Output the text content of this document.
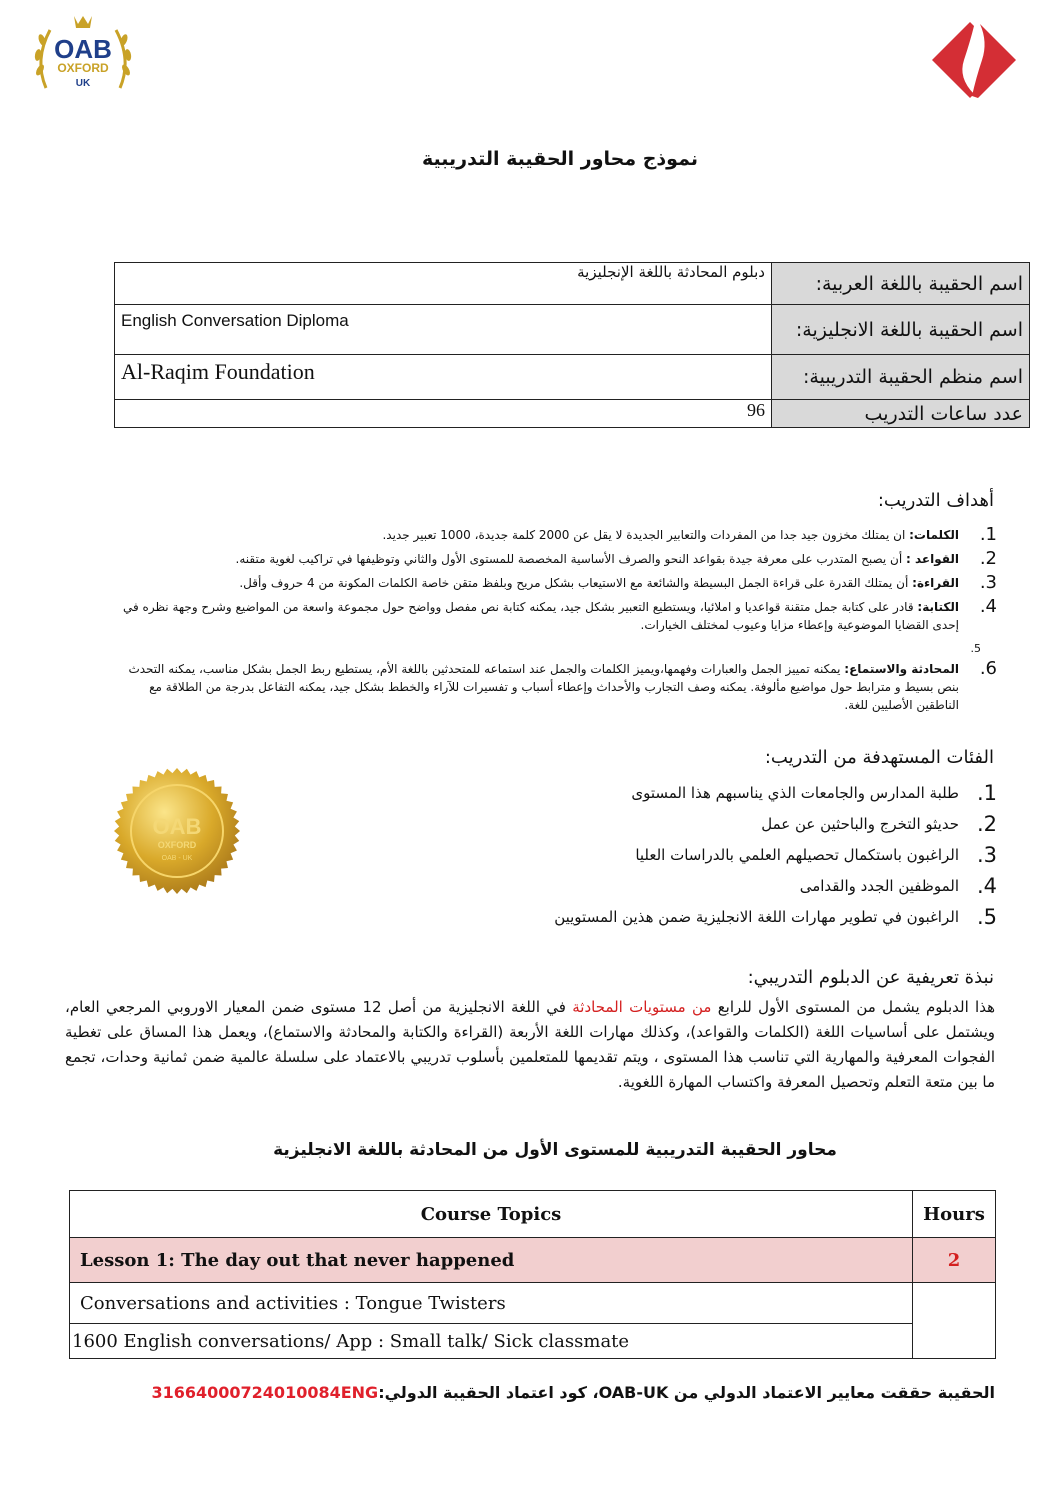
OAB
OXFORD
UK
نموذج محاور الحقيبة التدريبية
دبلوم المحادثة باللغة الإنجليزية	اسم الحقيبة باللغة العربية:
English Conversation Diploma	اسم الحقيبة باللغة الانجليزية:
Al-Raqim Foundation	اسم منظم الحقيبة التدريبية:
96	عدد ساعات التدريب
أهداف التدريب:
1.
الكلمات: ان يمتلك مخزون جيد جدا من المفردات والتعابير الجديدة لا يقل عن 2000 كلمة جديدة، 1000 تعبير جديد.
2.
القواعد : أن يصبح المتدرب على معرفة جيدة بقواعد النحو والصرف الأساسية المخصصة للمستوى الأول والثاني وتوظيفها في تراكيب لغوية متقنه.
3.
القراءة: أن يمتلك القدرة على قراءة الجمل البسيطة والشائعة مع الاستيعاب بشكل مريح وبلفظ متقن خاصة الكلمات المكونة من 4 حروف وأقل.
4.
الكتابة: قادر على كتابة جمل متقنة قواعديا و املائيا، ويستطيع التعبير بشكل جيد، يمكنه كتابة نص مفصل وواضح حول مجموعة واسعة من المواضيع وشرح وجهة نظره في إحدى القضايا الموضوعية وإعطاء مزايا وعيوب لمختلف الخيارات.
5.
6.
المحادثة والاستماع: يمكنه تمييز الجمل والعبارات وفهمها،ويميز الكلمات والجمل عند استماعه للمتحدثين باللغة الأم، يستطيع ربط الجمل بشكل مناسب، يمكنه التحدث بنص بسيط و مترابط حول مواضيع مألوفة. يمكنه وصف التجارب والأحداث وإعطاء أسباب و تفسيرات للآراء والخطط بشكل جيد، يمكنه التفاعل بدرجة من الطلاقة مع الناطقين الأصليين للغة.
الفئات المستهدفة من التدريب:
1.
طلبة المدارس والجامعات الذي يناسبهم هذا المستوى
2.
حديثو التخرج والباحثين عن عمل
3.
الراغبون باستكمال تحصيلهم العلمي بالدراسات العليا
4.
الموظفين الجدد والقدامى
5.
الراغبون في تطوير مهارات اللغة الانجليزية ضمن هذين المستويين
OAB
OXFORD
OAB - UK
نبذة تعريفية عن الدبلوم التدريبي:
هذا الدبلوم يشمل من المستوى الأول للرابع من مستويات المحادثة في اللغة الانجليزية من أصل 12 مستوى ضمن المعيار الاوروبي المرجعي العام، ويشتمل على أساسيات اللغة (الكلمات والقواعد)، وكذلك مهارات اللغة الأربعة (القراءة والكتابة والمحادثة والاستماع)، ويعمل هذا المساق على تغطية الفجوات المعرفية والمهارية التي تناسب هذا المستوى ، ويتم تقديمها للمتعلمين بأسلوب تدريبي بالاعتماد على سلسلة عالمية ضمن ثمانية وحدات، تجمع ما بين متعة التعلم وتحصيل المعرفة واكتساب المهارة اللغوية.
محاور الحقيبة التدريبية للمستوى الأول من المحادثة باللغة الانجليزية
Course Topics	Hours
Lesson 1: The day out that never happened	2
Conversations and activities : Tongue Twisters	
1600 English conversations/ App : Small talk/ Sick classmate	
الحقيبة حققت معايير الاعتماد الدولي من OAB-UK، كود اعتماد الحقيبة الدولي:31664000724010084ENG
